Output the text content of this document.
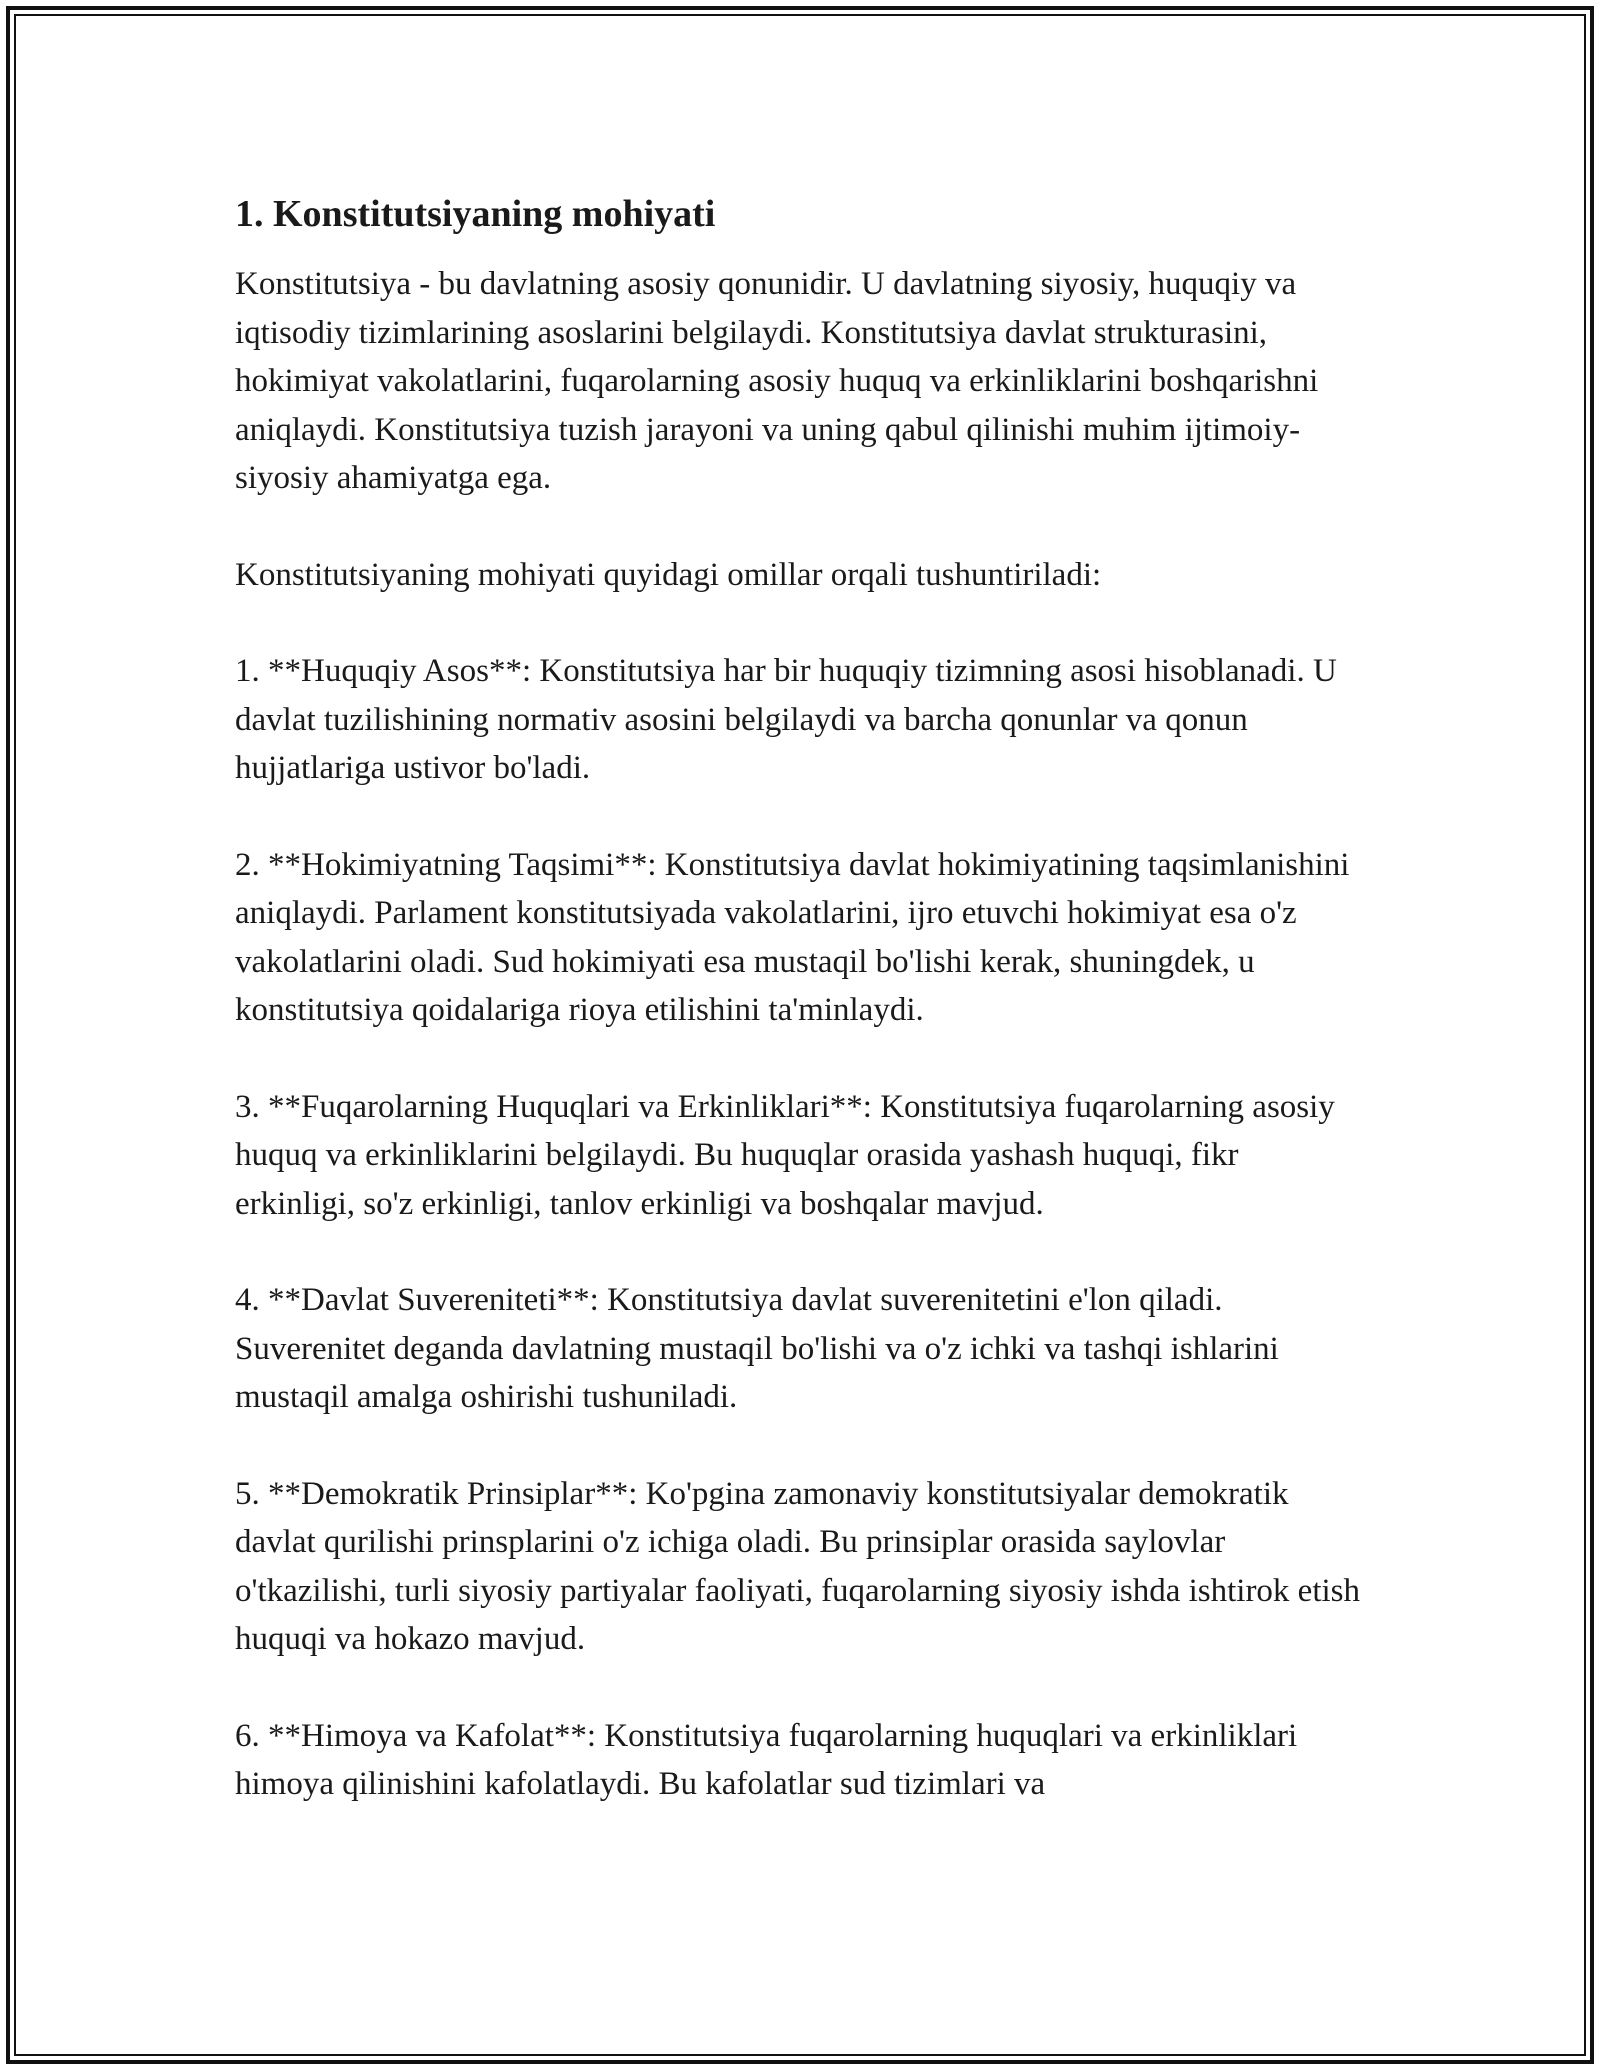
1. Konstitutsiyaning mohiyati

Konstitutsiya - bu davlatning asosiy qonunidir. U davlatning siyosiy, huquqiy va iqtisodiy tizimlarining asoslarini belgilaydi. Konstitutsiya davlat strukturasini, hokimiyat vakolatlarini, fuqarolarning asosiy huquq va erkinliklarini boshqarishni aniqlaydi. Konstitutsiya tuzish jarayoni va uning qabul qilinishi muhim ijtimoiy-siyosiy ahamiyatga ega.

Konstitutsiyaning mohiyati quyidagi omillar orqali tushuntiriladi:

1. **Huquqiy Asos**: Konstitutsiya har bir huquqiy tizimning asosi hisoblanadi. U davlat tuzilishining normativ asosini belgilaydi va barcha qonunlar va qonun hujjatlariga ustivor bo'ladi.

2. **Hokimiyatning Taqsimi**: Konstitutsiya davlat hokimiyatining taqsimlanishini aniqlaydi. Parlament konstitutsiyada vakolatlarini, ijro etuvchi hokimiyat esa o'z vakolatlarini oladi. Sud hokimiyati esa mustaqil bo'lishi kerak, shuningdek, u konstitutsiya qoidalariga rioya etilishini ta'minlaydi.

3. **Fuqarolarning Huquqlari va Erkinliklari**: Konstitutsiya fuqarolarning asosiy huquq va erkinliklarini belgilaydi. Bu huquqlar orasida yashash huquqi, fikr erkinligi, so'z erkinligi, tanlov erkinligi va boshqalar mavjud.

4. **Davlat Suvereniteti**: Konstitutsiya davlat suverenitetini e'lon qiladi. Suverenitet deganda davlatning mustaqil bo'lishi va o'z ichki va tashqi ishlarini mustaqil amalga oshirishi tushuniladi.

5. **Demokratik Prinsiplar**: Ko'pgina zamonaviy konstitutsiyalar demokratik davlat qurilishi prinsplarini o'z ichiga oladi. Bu prinsiplar orasida saylovlar o'tkazilishi, turli siyosiy partiyalar faoliyati, fuqarolarning siyosiy ishda ishtirok etish huquqi va hokazo mavjud.

6. **Himoya va Kafolat**: Konstitutsiya fuqarolarning huquqlari va erkinliklari himoya qilinishini kafolatlaydi. Bu kafolatlar sud tizimlari va
